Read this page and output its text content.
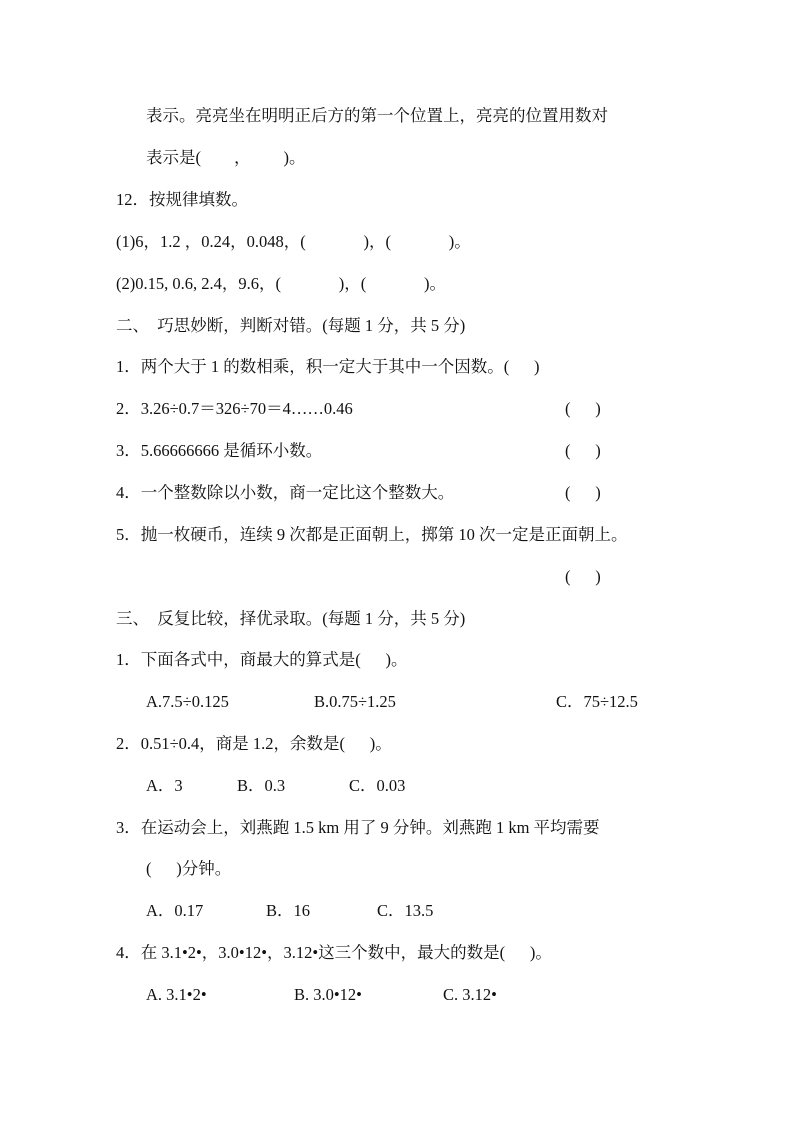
表示。亮亮坐在明明正后方的第一个位置上，亮亮的位置用数对
表示是(        ，        )。
12．按规律填数。
(1)6，1.2 ，0.24，0.048，(              )，(              )。
(2)0.15, 0.6, 2.4，9.6，(              )，(              )。
二、  巧思妙断，判断对错。(每题 1 分，共 5 分)
1．两个大于 1 的数相乘，积一定大于其中一个因数。(      )
2．3.26÷0.7＝326÷70＝4……0.46	(      )
3．5.66666666 是循环小数。	(      )
4．一个整数除以小数，商一定比这个整数大。	(      )
5．抛一枚硬币，连续 9 次都是正面朝上，掷第 10 次一定是正面朝上。
(      )
三、  反复比较，择优录取。(每题 1 分，共 5 分)
1．下面各式中，商最大的算式是(      )。
A.7.5÷0.125	B.0.75÷1.25	C．75÷12.5
2．0.51÷0.4，商是 1.2，余数是(      )。
A．3	B．0.3	C．0.03
3．在运动会上，刘燕跑 1.5 km 用了 9 分钟。刘燕跑 1 km 平均需要
(      )分钟。
A．0.17	B．16	C．13.5
4．在 3.1•2•，3.0•12•，3.12•这三个数中，最大的数是(      )。
A. 3.1•2•	B. 3.0•12•	C. 3.12•
